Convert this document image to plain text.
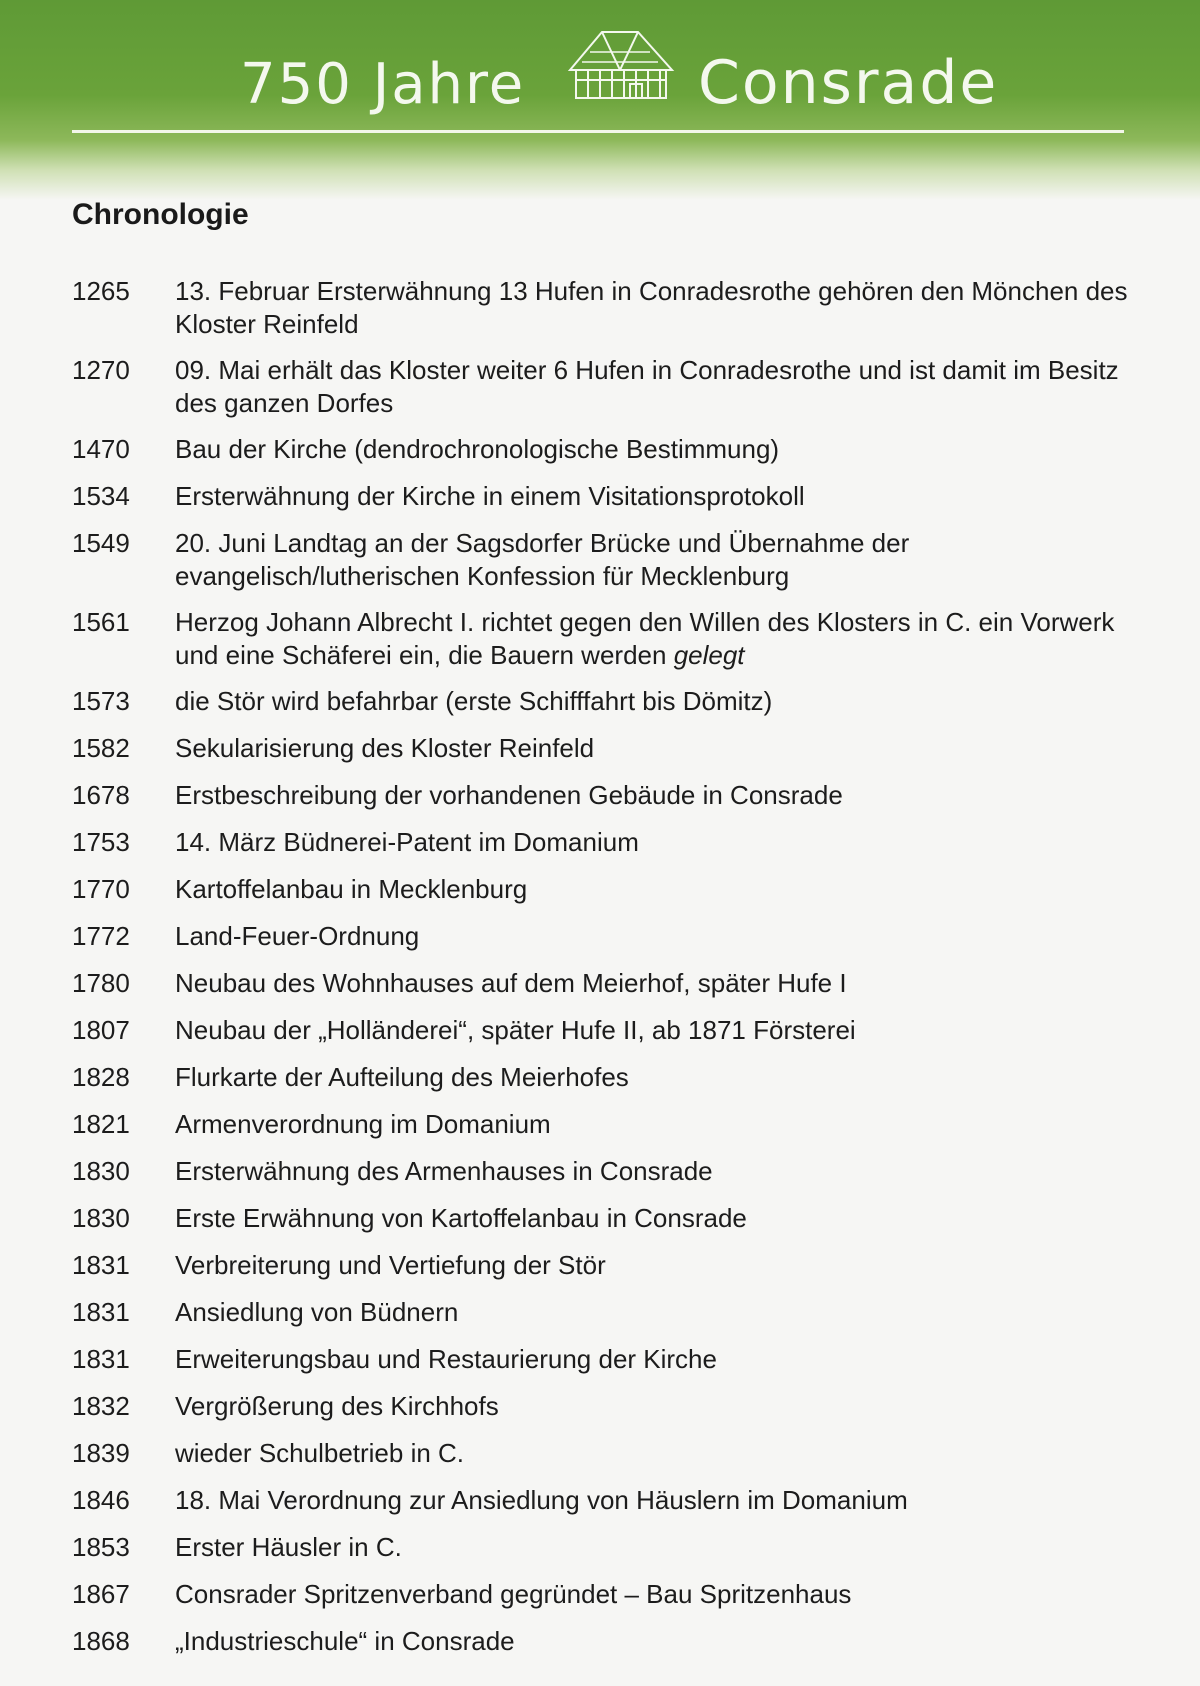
750 Jahre	Consrade
Chronologie
1265	13. Februar Ersterwähnung 13 Hufen in Conradesrothe gehören den Mönchen des Kloster Reinfeld
1270	09. Mai erhält das Kloster weiter 6 Hufen in Conradesrothe und ist damit im Besitz des ganzen Dorfes
1470	Bau der Kirche (dendrochronologische Bestimmung)
1534	Ersterwähnung der Kirche in einem Visitationsprotokoll
1549	20. Juni Landtag an der Sagsdorfer Brücke und Übernahme der evangelisch/lutherischen Konfession für Mecklenburg
1561	Herzog Johann Albrecht I. richtet gegen den Willen des Klosters in C. ein Vorwerk und eine Schäferei ein, die Bauern werden gelegt
1573	die Stör wird befahrbar (erste Schifffahrt bis Dömitz)
1582	Sekularisierung des Kloster Reinfeld
1678	Erstbeschreibung der vorhandenen Gebäude in Consrade
1753	14. März Büdnerei-Patent im Domanium
1770	Kartoffelanbau in Mecklenburg
1772	Land-Feuer-Ordnung
1780	Neubau des Wohnhauses auf dem Meierhof, später Hufe I
1807	Neubau der „Holländerei“, später Hufe II, ab 1871 Försterei
1828	Flurkarte der Aufteilung des Meierhofes
1821	Armenverordnung im Domanium
1830	Ersterwähnung des Armenhauses in Consrade
1830	Erste Erwähnung von Kartoffelanbau in Consrade
1831	Verbreiterung und Vertiefung der Stör
1831	Ansiedlung von Büdnern
1831	Erweiterungsbau und Restaurierung der Kirche
1832	Vergrößerung des Kirchhofs
1839	wieder Schulbetrieb in C.
1846	18. Mai Verordnung zur Ansiedlung von Häuslern im Domanium
1853	Erster Häusler in C.
1867	Consrader Spritzenverband gegründet – Bau Spritzenhaus
1868	„Industrieschule“ in Consrade
